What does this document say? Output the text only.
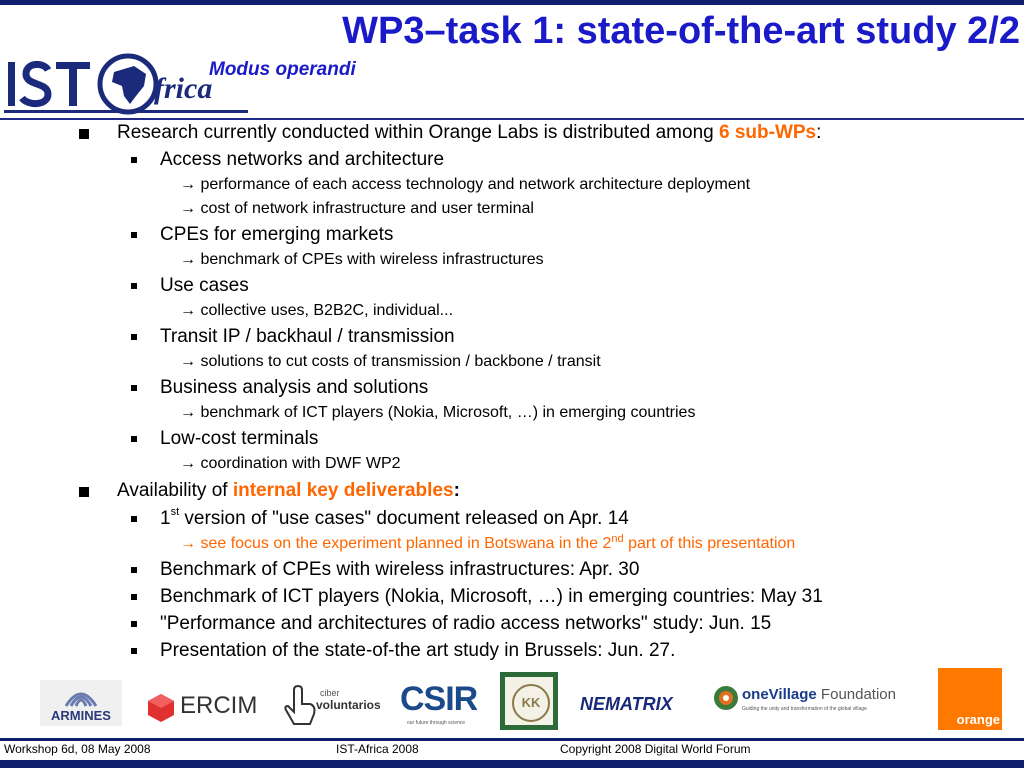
WP3–task 1: state-of-the-art study 2/2
Modus operandi
frica
Research currently conducted within Orange Labs is distributed among 6 sub-WPs:
Access networks and architecture
→ performance of each access technology and network architecture deployment
→ cost of network infrastructure and user terminal
CPEs for emerging markets
→ benchmark of CPEs with wireless infrastructures
Use cases
→ collective uses, B2B2C, individual...
Transit IP / backhaul / transmission
→ solutions to cut costs of transmission / backbone / transit
Business analysis and solutions
→ benchmark of ICT players (Nokia, Microsoft, …) in emerging countries
Low-cost terminals
→ coordination with DWF WP2
Availability of internal key deliverables:
1st version of "use cases" document released on Apr. 14
→ see focus on the experiment planned in Botswana in the 2nd part of this presentation
Benchmark of CPEs with wireless infrastructures: Apr. 30
Benchmark of ICT players (Nokia, Microsoft, …) in emerging countries: May 31
"Performance and architectures of radio access networks" study: Jun. 15
Presentation of the state-of-the art study in Brussels: Jun. 27.
ARMINES	ERCIM	ciber
voluntarios CSIR
our future through science
KK	NEMATRIX	oneVillage Foundation
Guiding the unity and transformation of the global village
orange
Workshop 6d, 08 May 2008	IST-Africa 2008	Copyright 2008 Digital World Forum
